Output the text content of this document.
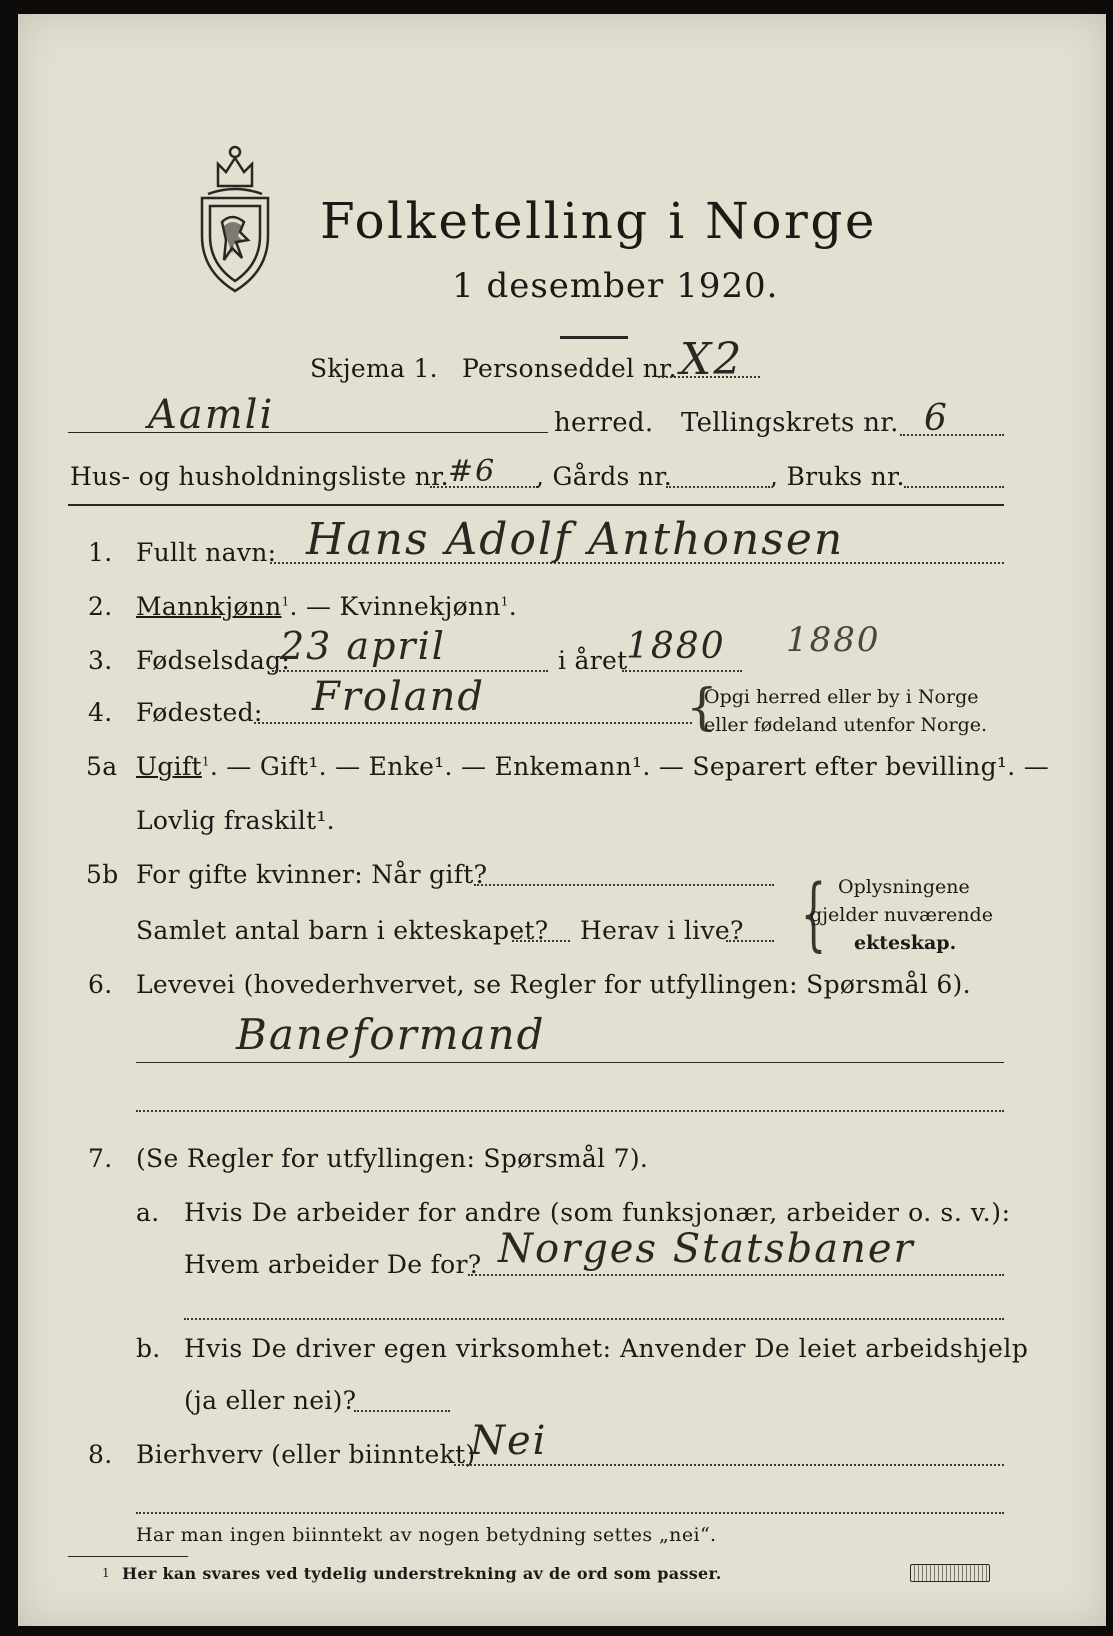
Folketelling i Norge
1 desember 1920.
Skjema 1. Personseddel nr. X2
Aamli	herred. Tellingskrets nr. 6
Hus- og husholdningsliste nr. #6 , Gårds nr.	, Bruks nr.
1. Fullt navn: Hans Adolf Anthonsen
2. Mannkjønn$^1$. — Kvinnekjønn$^1$.
3. Fødselsdag:
23 april	i året
1880 1880
4. Fødested: Froland	{
Opgi herred eller by i Norge
eller fødeland utenfor Norge.
5a Ugift$^1$. — Gift¹. — Enke¹. — Enkemann¹. — Separert efter bevilling¹. —
Lovlig fraskilt¹.
5b For gifte kvinner: Når gift?
Samlet antal barn i ekteskapet? Herav i live? { Oplysningene
gjelder nuværende
ekteskap.
6. Levevei (hovederhvervet, se Regler for utfyllingen: Spørsmål 6).
Baneformand
7. (Se Regler for utfyllingen: Spørsmål 7).
a. Hvis De arbeider for andre (som funksjonær, arbeider o. s. v.):
Hvem arbeider De for? Norges Statsbaner
b. Hvis De driver egen virksomhet: Anvender De leiet arbeidshjelp
(ja eller nei)?
8. Bierhverv (eller biinntekt)
Nei
Har man ingen biinntekt av nogen betydning settes „nei“.
1 Her kan svares ved tydelig understrekning av de ord som passer.
